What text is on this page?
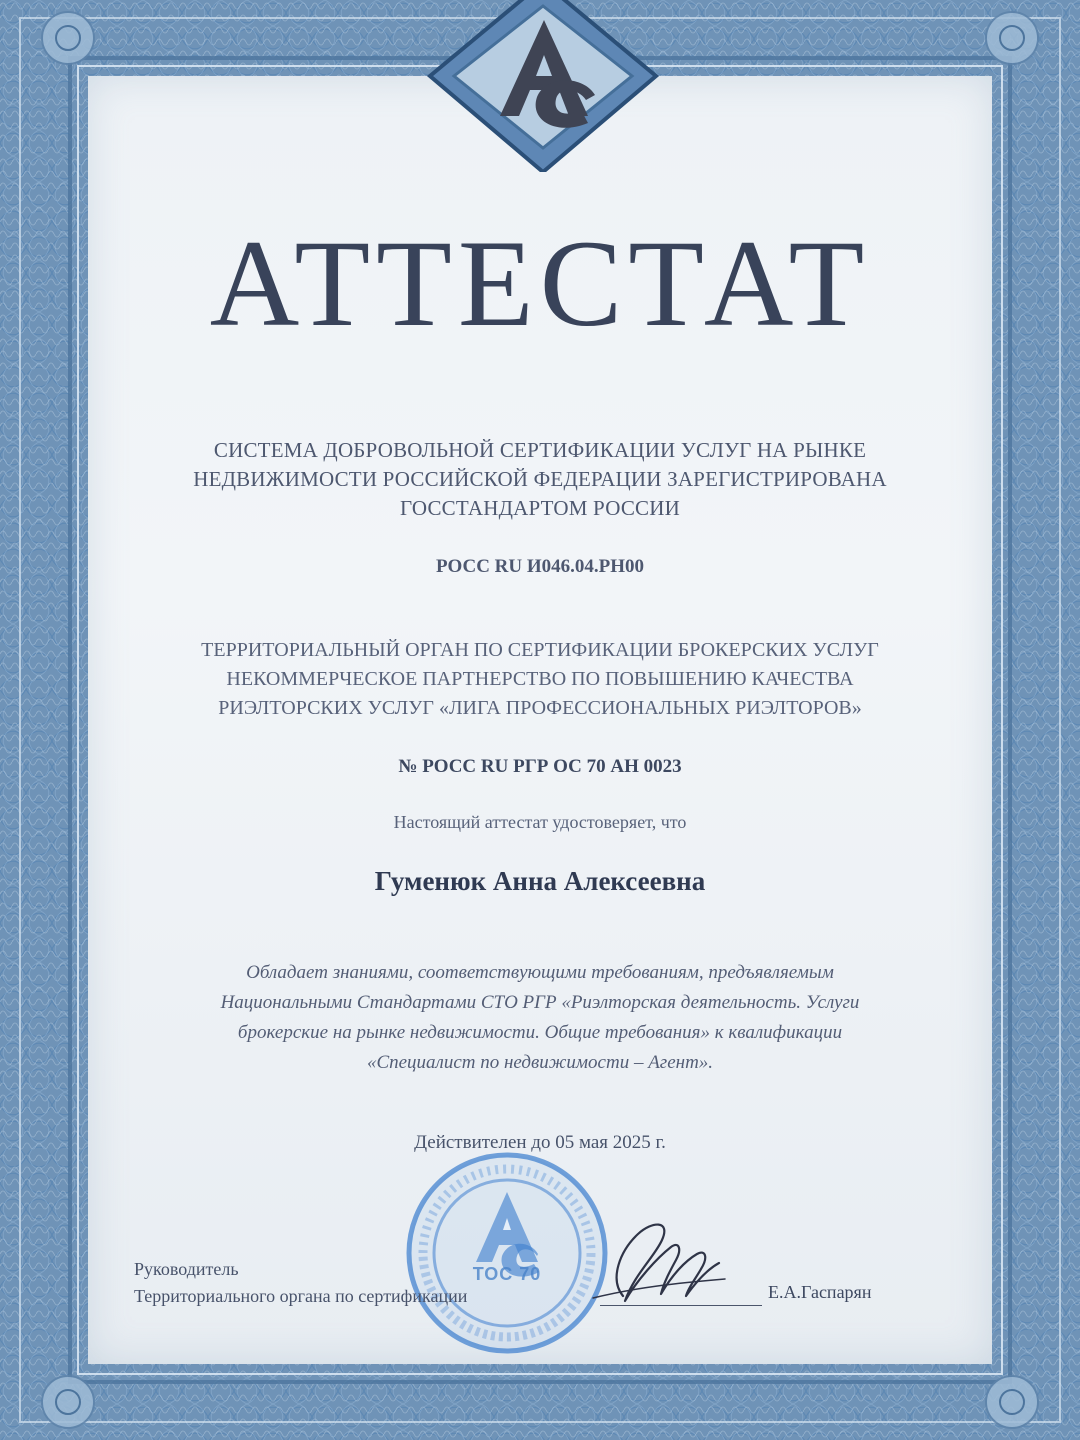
АТТЕСТАТ
СИСТЕМА ДОБРОВОЛЬНОЙ СЕРТИФИКАЦИИ УСЛУГ НА РЫНКЕ
НЕДВИЖИМОСТИ РОССИЙСКОЙ ФЕДЕРАЦИИ ЗАРЕГИСТРИРОВАНА
ГОССТАНДАРТОМ РОССИИ
РОСС RU И046.04.РН00
ТЕРРИТОРИАЛЬНЫЙ ОРГАН ПО СЕРТИФИКАЦИИ БРОКЕРСКИХ УСЛУГ
НЕКОММЕРЧЕСКОЕ ПАРТНЕРСТВО ПО ПОВЫШЕНИЮ КАЧЕСТВА
РИЭЛТОРСКИХ УСЛУГ «ЛИГА ПРОФЕССИОНАЛЬНЫХ РИЭЛТОРОВ»
№ РОСС RU РГР ОС 70 АН 0023
Настоящий аттестат удостоверяет, что
Гуменюк Анна Алексеевна
Обладает знаниями, соответствующими требованиям, предъявляемым
Национальными Стандартами СТО РГР «Риэлторская деятельность. Услуги
брокерские на рынке недвижимости. Общие требования» к квалификации
«Специалист по недвижимости – Агент».
Действителен до 05 мая 2025 г.
ТОС 70
Руководитель
Территориального органа по сертификации	Е.А.Гаспарян
